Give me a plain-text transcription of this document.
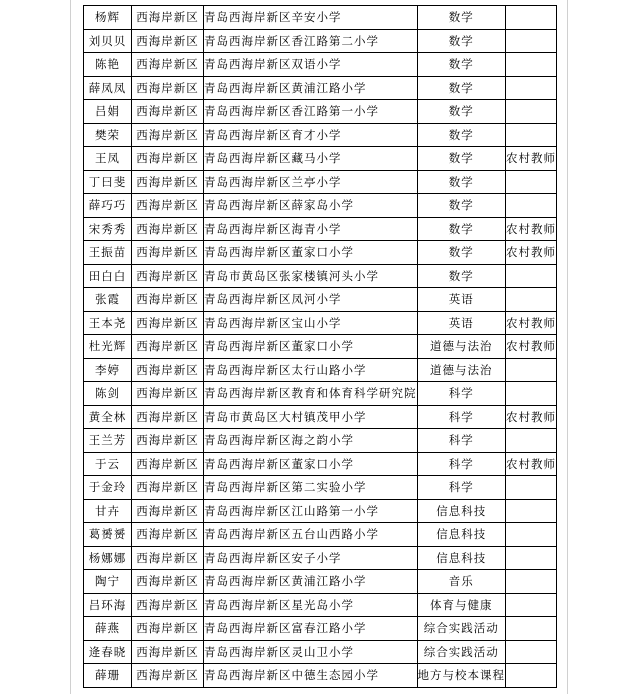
杨辉	西海岸新区	青岛西海岸新区辛安小学	数学	
刘贝贝	西海岸新区	青岛西海岸新区香江路第二小学	数学	
陈艳	西海岸新区	青岛西海岸新区双语小学	数学	
薛凤凤	西海岸新区	青岛西海岸新区黄浦江路小学	数学	
吕娟	西海岸新区	青岛西海岸新区香江路第一小学	数学	
樊荣	西海岸新区	青岛西海岸新区育才小学	数学	
王凤	西海岸新区	青岛西海岸新区藏马小学	数学	农村教师
丁曰斐	西海岸新区	青岛西海岸新区兰亭小学	数学	
薛巧巧	西海岸新区	青岛西海岸新区薛家岛小学	数学	
宋秀秀	西海岸新区	青岛西海岸新区海青小学	数学	农村教师
王振苗	西海岸新区	青岛西海岸新区董家口小学	数学	农村教师
田白白	西海岸新区	青岛市黄岛区张家楼镇河头小学	数学	
张霞	西海岸新区	青岛西海岸新区凤河小学	英语	
王本尧	西海岸新区	青岛西海岸新区宝山小学	英语	农村教师
杜光辉	西海岸新区	青岛西海岸新区董家口小学	道德与法治	农村教师
李婷	西海岸新区	青岛西海岸新区太行山路小学	道德与法治	
陈剑	西海岸新区	青岛西海岸新区教育和体育科学研究院	科学	
黄全林	西海岸新区	青岛市黄岛区大村镇茂甲小学	科学	农村教师
王兰芳	西海岸新区	青岛西海岸新区海之韵小学	科学	
于云	西海岸新区	青岛西海岸新区董家口小学	科学	农村教师
于金玲	西海岸新区	青岛西海岸新区第二实验小学	科学	
甘卉	西海岸新区	青岛西海岸新区江山路第一小学	信息科技	
葛赟赟	西海岸新区	青岛西海岸新区五台山西路小学	信息科技	
杨娜娜	西海岸新区	青岛西海岸新区安子小学	信息科技	
陶宁	西海岸新区	青岛西海岸新区黄浦江路小学	音乐	
吕环海	西海岸新区	青岛西海岸新区星光岛小学	体育与健康	
薛燕	西海岸新区	青岛西海岸新区富春江路小学	综合实践活动	
逄春晓	西海岸新区	青岛西海岸新区灵山卫小学	综合实践活动	
薛珊	西海岸新区	青岛西海岸新区中德生态园小学	地方与校本课程	
